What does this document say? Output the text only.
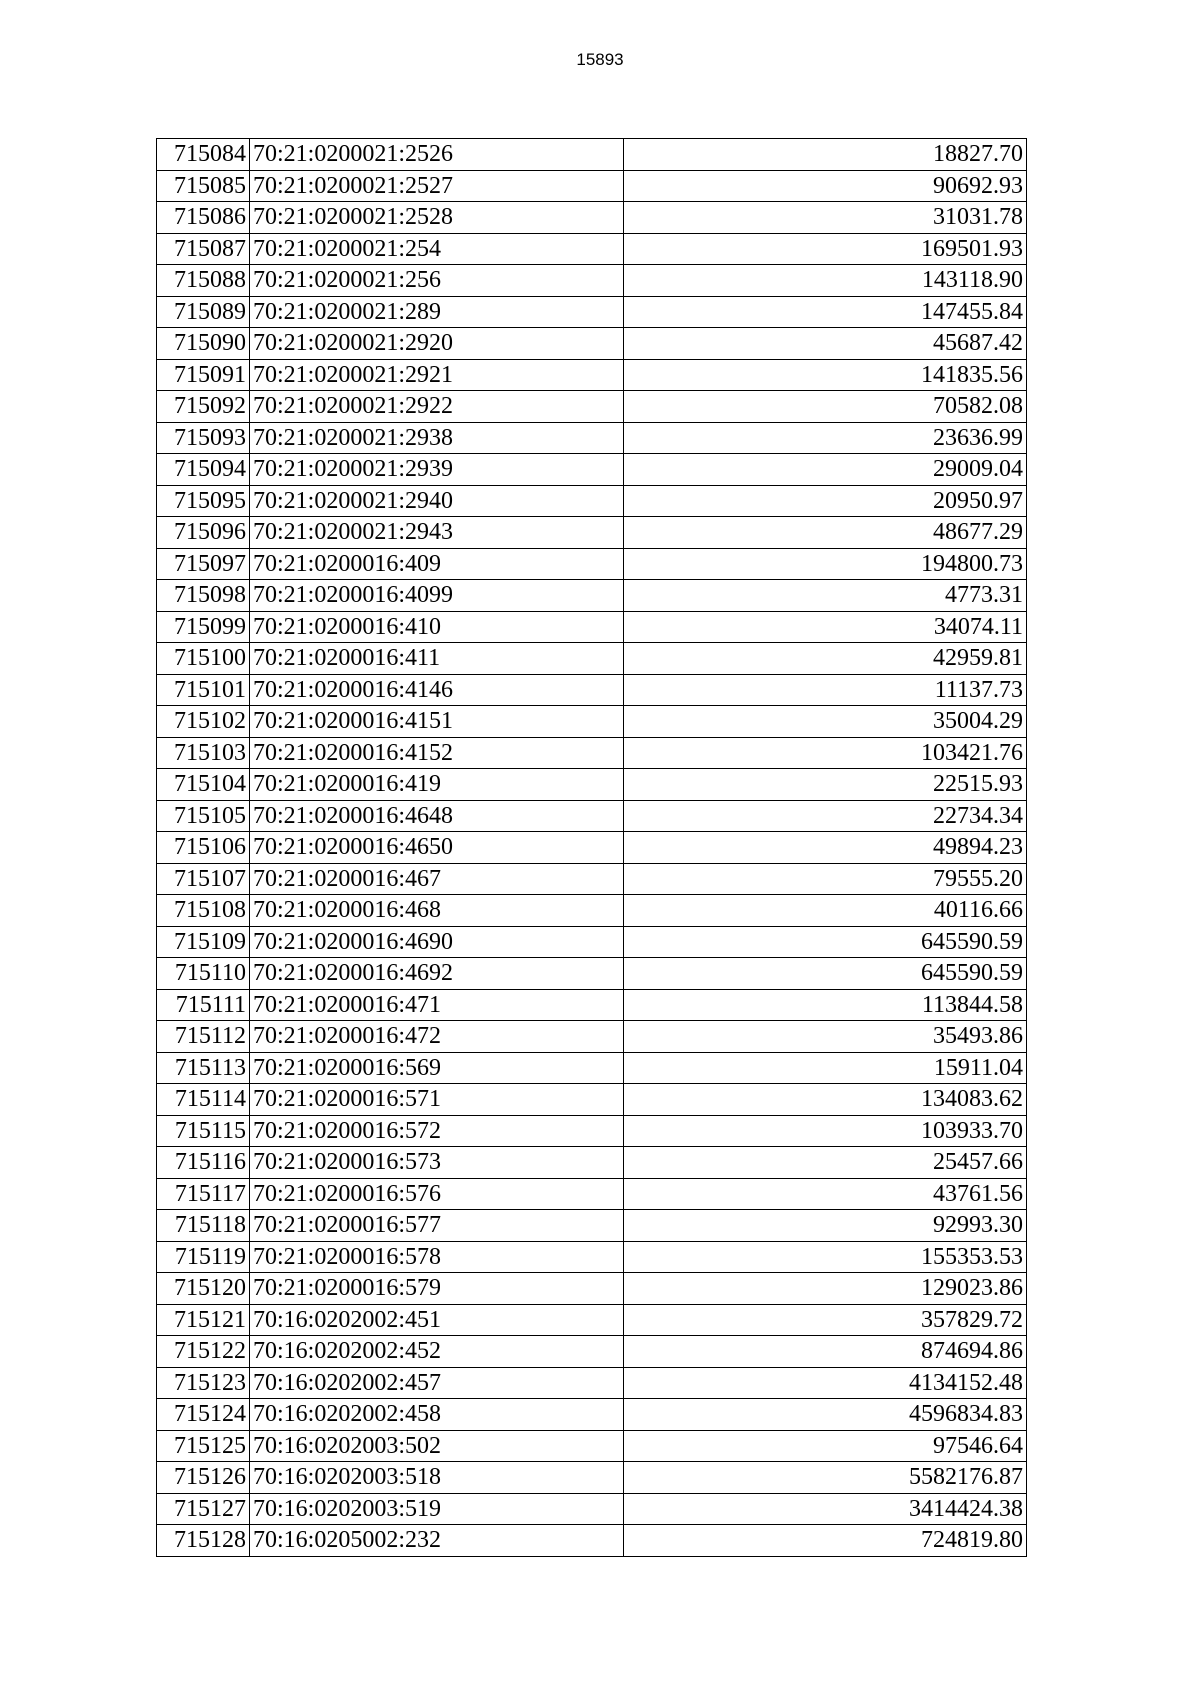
15893
715084	70:21:0200021:2526	18827.70
715085	70:21:0200021:2527	90692.93
715086	70:21:0200021:2528	31031.78
715087	70:21:0200021:254	169501.93
715088	70:21:0200021:256	143118.90
715089	70:21:0200021:289	147455.84
715090	70:21:0200021:2920	45687.42
715091	70:21:0200021:2921	141835.56
715092	70:21:0200021:2922	70582.08
715093	70:21:0200021:2938	23636.99
715094	70:21:0200021:2939	29009.04
715095	70:21:0200021:2940	20950.97
715096	70:21:0200021:2943	48677.29
715097	70:21:0200016:409	194800.73
715098	70:21:0200016:4099	4773.31
715099	70:21:0200016:410	34074.11
715100	70:21:0200016:411	42959.81
715101	70:21:0200016:4146	11137.73
715102	70:21:0200016:4151	35004.29
715103	70:21:0200016:4152	103421.76
715104	70:21:0200016:419	22515.93
715105	70:21:0200016:4648	22734.34
715106	70:21:0200016:4650	49894.23
715107	70:21:0200016:467	79555.20
715108	70:21:0200016:468	40116.66
715109	70:21:0200016:4690	645590.59
715110	70:21:0200016:4692	645590.59
715111	70:21:0200016:471	113844.58
715112	70:21:0200016:472	35493.86
715113	70:21:0200016:569	15911.04
715114	70:21:0200016:571	134083.62
715115	70:21:0200016:572	103933.70
715116	70:21:0200016:573	25457.66
715117	70:21:0200016:576	43761.56
715118	70:21:0200016:577	92993.30
715119	70:21:0200016:578	155353.53
715120	70:21:0200016:579	129023.86
715121	70:16:0202002:451	357829.72
715122	70:16:0202002:452	874694.86
715123	70:16:0202002:457	4134152.48
715124	70:16:0202002:458	4596834.83
715125	70:16:0202003:502	97546.64
715126	70:16:0202003:518	5582176.87
715127	70:16:0202003:519	3414424.38
715128	70:16:0205002:232	724819.80
